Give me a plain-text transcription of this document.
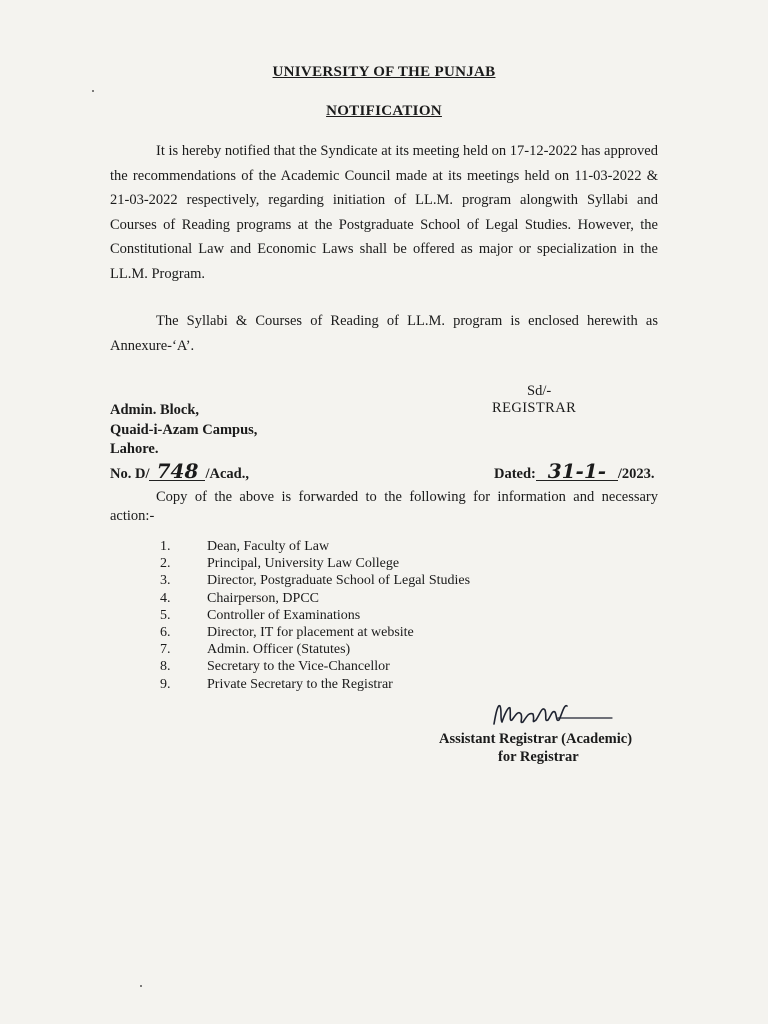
UNIVERSITY OF THE PUNJAB
NOTIFICATION
It is hereby notified that the Syndicate at its meeting held on 17-12-2022 has approved the recommendations of the Academic Council made at its meetings held on 11-03-2022 & 21-03-2022 respectively, regarding initiation of LL.M. program alongwith Syllabi and Courses of Reading programs at the Postgraduate School of Legal Studies. However, the Constitutional Law and Economic Laws shall be offered as major or specialization in the LL.M. Program.
The Syllabi & Courses of Reading of LL.M. program is enclosed herewith as Annexure-‘A’.
Sd/-
REGISTRAR
Admin. Block,
Quaid-i-Azam Campus,
Lahore.
No. D/ 748 /Acad.,	Dated: 31-1- /2023.
Copy of the above is forwarded to the following for information and necessary action:-
1.	Dean, Faculty of Law
2.	Principal, University Law College
3.	Director, Postgraduate School of Legal Studies
4.	Chairperson, DPCC
5.	Controller of Examinations
6.	Director, IT for placement at website
7.	Admin. Officer (Statutes)
8.	Secretary to the Vice-Chancellor
9.	Private Secretary to the Registrar
Assistant Registrar (Academic)
for Registrar
